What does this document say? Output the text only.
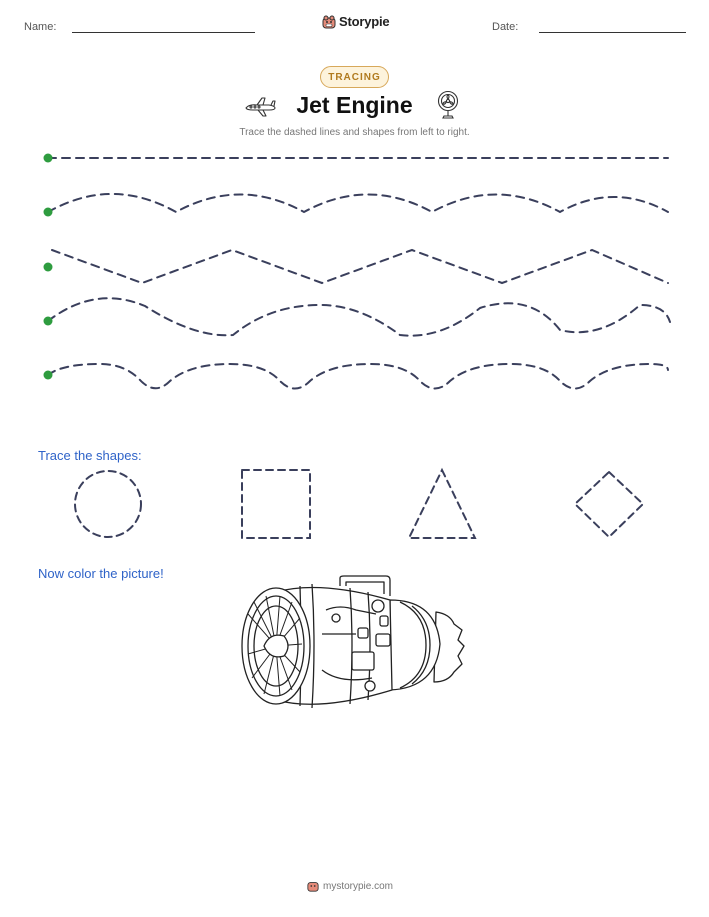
Name:	Storypie	Date:
TRACING
Jet Engine
Trace the dashed lines and shapes from left to right.
Trace the shapes:
Now color the picture!
mystorypie.com
